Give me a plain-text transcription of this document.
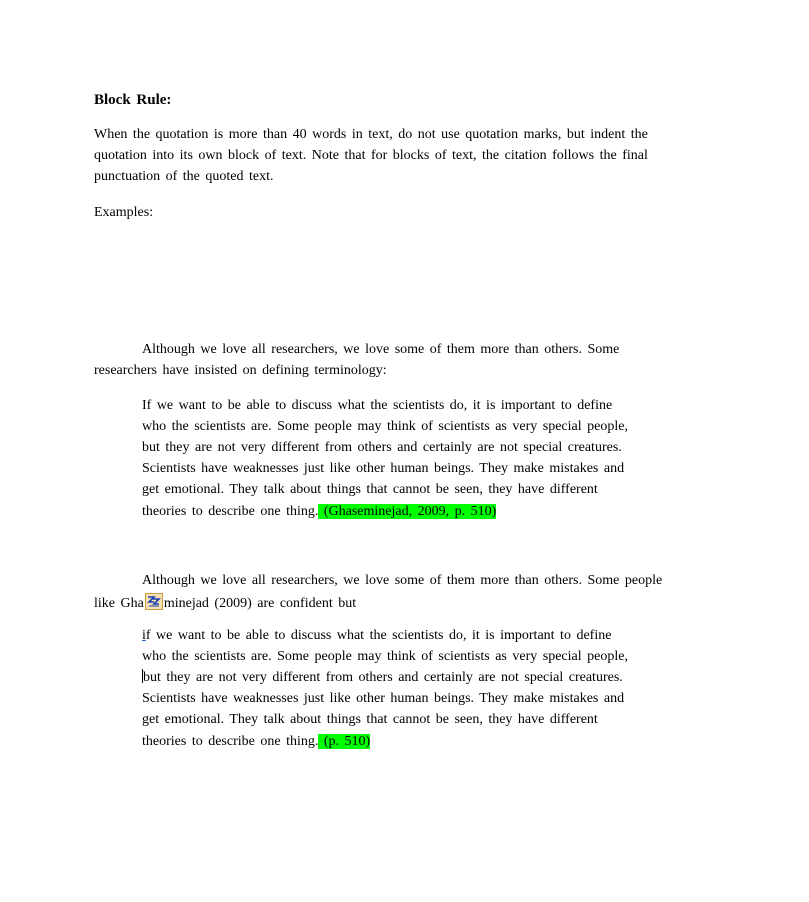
Block Rule:
When the quotation is more than 40 words in text, do not use quotation marks, but indent the
quotation into its own block of text. Note that for blocks of text, the citation follows the final
punctuation of the quoted text.
Examples:
Although we love all researchers, we love some of them more than others. Some
researchers have insisted on defining terminology:
If we want to be able to discuss what the scientists do, it is important to define
who the scientists are. Some people may think of scientists as very special people,
but they are not very different from others and certainly are not special creatures.
Scientists have weaknesses just like other human beings. They make mistakes and
get emotional. They talk about things that cannot be seen, they have different
theories to describe one thing. (Ghaseminejad, 2009, p. 510)
Although we love all researchers, we love some of them more than others. Some people
like Gha minejad (2009) are confident but
if we want to be able to discuss what the scientists do, it is important to define
who the scientists are. Some people may think of scientists as very special people,
but they are not very different from others and certainly are not special creatures.
Scientists have weaknesses just like other human beings. They make mistakes and
get emotional. They talk about things that cannot be seen, they have different
theories to describe one thing. (p. 510)
